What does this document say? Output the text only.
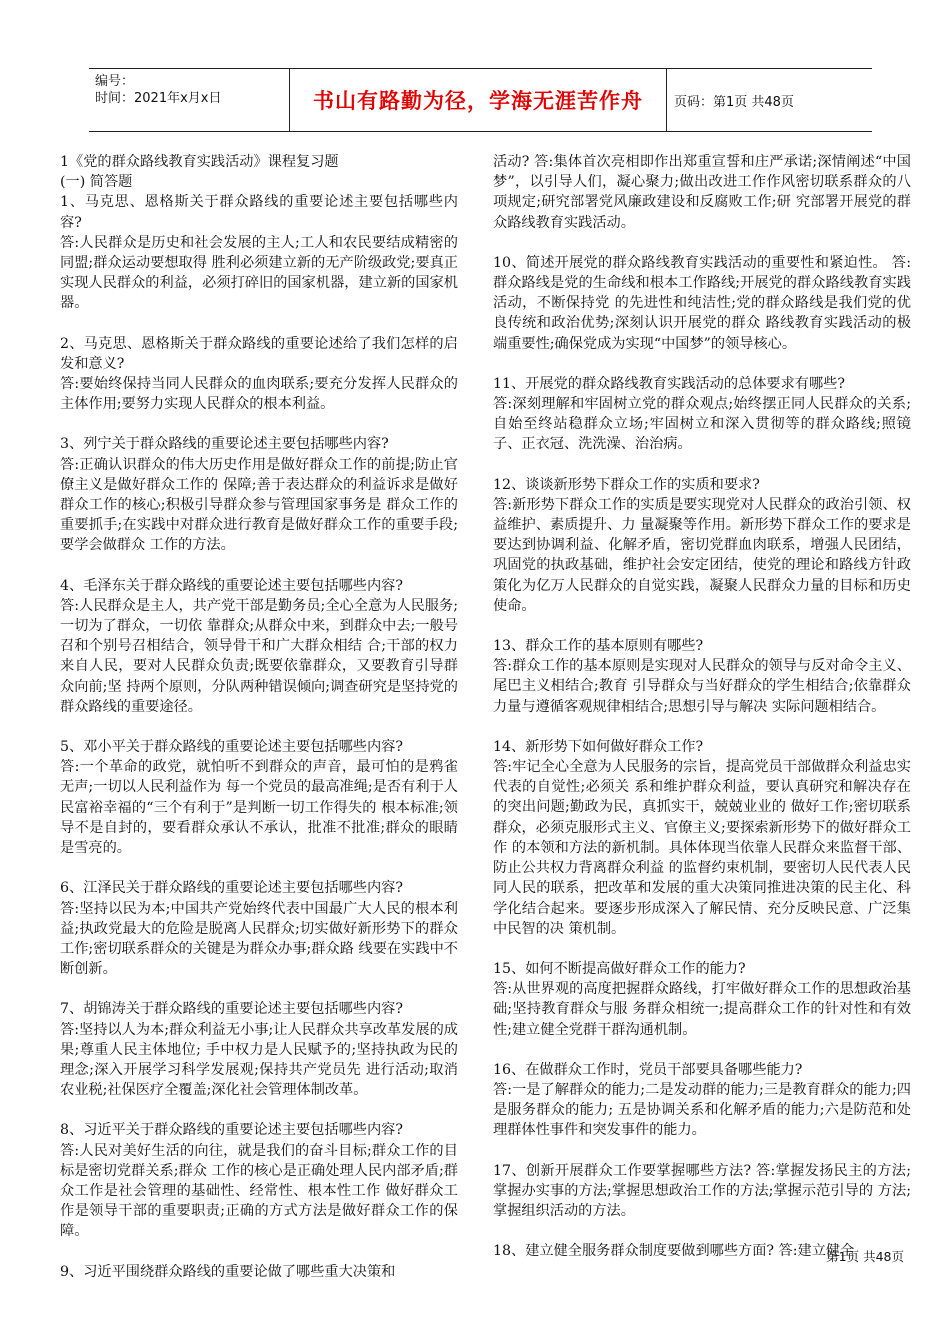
编号：
时间：2021年x月x日	书山有路勤为径，学海无涯苦作舟 页码：第1页 共48页
1《党的群众路线教育实践活动》课程复习题
(一) 简答题

1、马克思、恩格斯关于群众路线的重要论述主要包括哪些内容?
答:人民群众是历史和社会发展的主人;工人和农民要结成精密的同盟;群众运动要想取得 胜利必须建立新的无产阶级政党;要真正实现人民群众的利益，必须打碎旧的国家机器，建立新的国家机器。

2、马克思、恩格斯关于群众路线的重要论述给了我们怎样的启发和意义?
答:要始终保持当同人民群众的血肉联系;要充分发挥人民群众的主体作用;要努力实现人民群众的根本利益。

3、列宁关于群众路线的重要论述主要包括哪些内容?
答:正确认识群众的伟大历史作用是做好群众工作的前提;防止官僚主义是做好群众工作的 保障;善于表达群众的利益诉求是做好群众工作的核心;积极引导群众参与管理国家事务是 群众工作的重要抓手;在实践中对群众进行教育是做好群众工作的重要手段;要学会做群众 工作的方法。

4、毛泽东关于群众路线的重要论述主要包括哪些内容?
答:人民群众是主人，共产党干部是勤务员;全心全意为人民服务;一切为了群众，一切依 靠群众;从群众中来，到群众中去;一般号召和个别号召相结合，领导骨干和广大群众相结 合;干部的权力来自人民，要对人民群众负责;既要依靠群众，又要教育引导群众向前;坚 持两个原则，分队两种错误倾向;调查研究是坚持党的群众路线的重要途径。

5、邓小平关于群众路线的重要论述主要包括哪些内容?
答:一个革命的政党，就怕听不到群众的声音，最可怕的是鸦雀无声;一切以人民利益作为 每一个党员的最高准绳;是否有利于人民富裕幸福的“三个有利于”是判断一切工作得失的 根本标准;领导不是自封的，要看群众承认不承认，批准不批准;群众的眼睛是雪亮的。

6、江泽民关于群众路线的重要论述主要包括哪些内容?
答:坚持以民为本;中国共产党始终代表中国最广大人民的根本利益;执政党最大的危险是脱离人民群众;切实做好新形势下的群众工作;密切联系群众的关键是为群众办事;群众路 线要在实践中不断创新。

7、胡锦涛关于群众路线的重要论述主要包括哪些内容?
答:坚持以人为本;群众利益无小事;让人民群众共享改革发展的成果;尊重人民主体地位; 手中权力是人民赋予的;坚持执政为民的理念;深入开展学习科学发展观;保持共产党员先 进行活动;取消农业税;社保医疗全覆盖;深化社会管理体制改革。

8、习近平关于群众路线的重要论述主要包括哪些内容?
答:人民对美好生活的向往，就是我们的奋斗目标;群众工作的目标是密切党群关系;群众 工作的核心是正确处理人民内部矛盾;群众工作是社会管理的基础性、经常性、根本性工作 做好群众工作是领导干部的重要职责;正确的方式方法是做好群众工作的保障。

9、习近平围绕群众路线的重要论做了哪些重大决策和

活动? 答:集体首次亮相即作出郑重宣誓和庄严承诺;深情阐述“中国梦”，以引导人们，凝心聚力;做出改进工作作风密切联系群众的八项规定;研究部署党风廉政建设和反腐败工作;研 究部署开展党的群众路线教育实践活动。

10、简述开展党的群众路线教育实践活动的重要性和紧迫性。 答:群众路线是党的生命线和根本工作路线;开展党的群众路线教育实践活动，不断保持党 的先进性和纯洁性;党的群众路线是我们党的优良传统和政治优势;深刻认识开展党的群众 路线教育实践活动的极端重要性;确保党成为实现“中国梦”的领导核心。

11、开展党的群众路线教育实践活动的总体要求有哪些?
答:深刻理解和牢固树立党的群众观点;始终摆正同人民群众的关系;自始至终站稳群众立场;牢固树立和深入贯彻等的群众路线;照镜子、正衣冠、洗洗澡、治治病。

12、谈谈新形势下群众工作的实质和要求?
答:新形势下群众工作的实质是要实现党对人民群众的政治引领、权益维护、素质提升、力 量凝聚等作用。新形势下群众工作的要求是要达到协调利益、化解矛盾，密切党群血肉联系，增强人民团结，巩固党的执政基础，维护社会安定团结，使党的理论和路线方针政策化为亿万人民群众的自觉实践，凝聚人民群众力量的目标和历史使命。

13、群众工作的基本原则有哪些?
答:群众工作的基本原则是实现对人民群众的领导与反对命令主义、尾巴主义相结合;教育 引导群众与当好群众的学生相结合;依靠群众力量与遵循客观规律相结合;思想引导与解决 实际问题相结合。

14、新形势下如何做好群众工作?
答:牢记全心全意为人民服务的宗旨，提高党员干部做群众利益忠实代表的自觉性;必须关 系和维护群众利益，要认真研究和解决存在的突出问题;勤政为民，真抓实干，兢兢业业的 做好工作;密切联系群众，必须克服形式主义、官僚主义;要探索新形势下的做好群众工作 的本领和方法的新机制。具体体现当依靠人民群众来监督干部、防止公共权力背离群众利益 的监督约束机制，要密切人民代表人民同人民的联系，把改革和发展的重大决策同推进决策的民主化、科学化结合起来。要逐步形成深入了解民情、充分反映民意、广泛集中民智的决 策机制。

15、如何不断提高做好群众工作的能力?
答:从世界观的高度把握群众路线，打牢做好群众工作的思想政治基础;坚持教育群众与服 务群众相统一;提高群众工作的针对性和有效性;建立健全党群干群沟通机制。

16、在做群众工作时，党员干部要具备哪些能力?
答:一是了解群众的能力;二是发动群的能力;三是教育群众的能力;四是服务群众的能力; 五是协调关系和化解矛盾的能力;六是防范和处理群体性事件和突发事件的能力。

17、创新开展群众工作要掌握哪些方法? 答:掌握发扬民主的方法;掌握办实事的方法;掌握思想政治工作的方法;掌握示范引导的 方法;掌握组织活动的方法。

18、建立健全服务群众制度要做到哪些方面? 答:建立健全

第1页 共48页
